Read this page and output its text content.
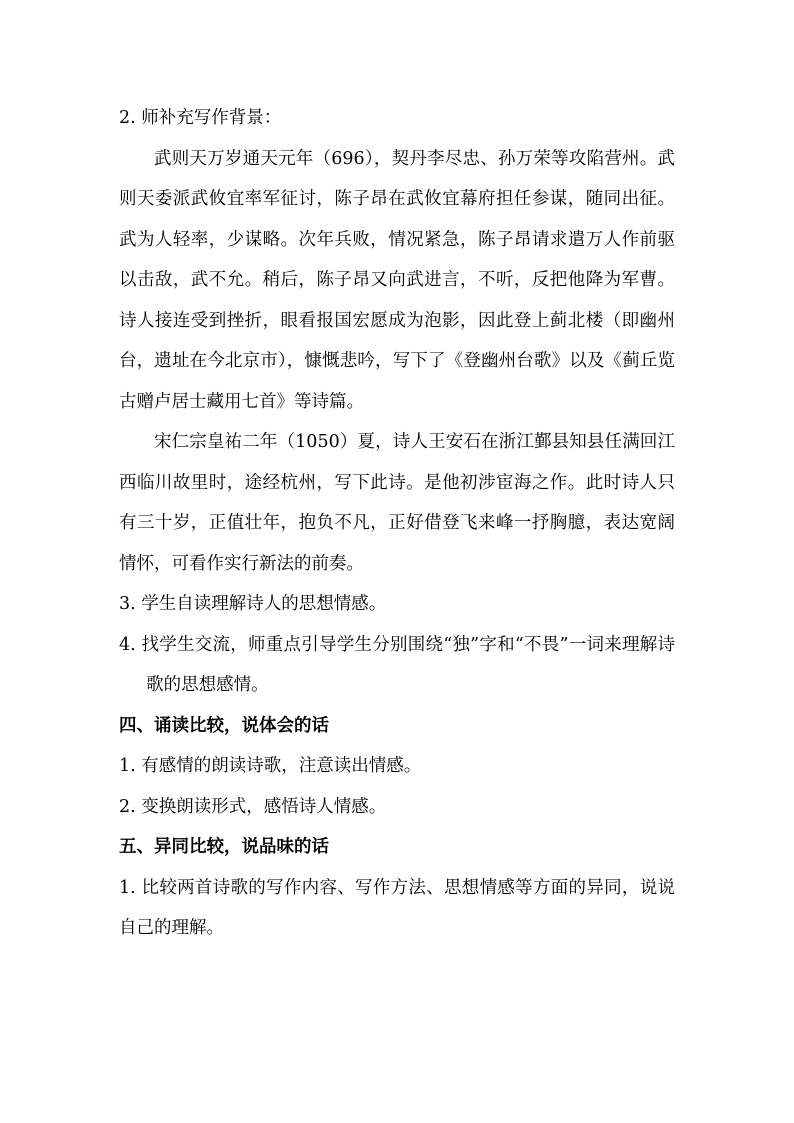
2. 师补充写作背景：

武则天万岁通天元年（696），契丹李尽忠、孙万荣等攻陷营州。武则天委派武攸宜率军征讨，陈子昂在武攸宜幕府担任参谋，随同出征。武为人轻率，少谋略。次年兵败，情况紧急，陈子昂请求遣万人作前驱以击敌，武不允。稍后，陈子昂又向武进言，不听，反把他降为军曹。诗人接连受到挫折，眼看报国宏愿成为泡影，因此登上蓟北楼（即幽州台，遗址在今北京市），慷慨悲吟，写下了《登幽州台歌》以及《蓟丘览古赠卢居士藏用七首》等诗篇。

宋仁宗皇祐二年（1050）夏，诗人王安石在浙江鄞县知县任满回江西临川故里时，途经杭州，写下此诗。是他初涉宦海之作。此时诗人只有三十岁，正值壮年，抱负不凡，正好借登飞来峰一抒胸臆，表达宽阔情怀，可看作实行新法的前奏。

3. 学生自读理解诗人的思想情感。

4. 找学生交流，师重点引导学生分别围绕“独”字和“不畏”一词来理解诗歌的思想感情。

四、诵读比较，说体会的话

1. 有感情的朗读诗歌，注意读出情感。

2. 变换朗读形式，感悟诗人情感。

五、异同比较，说品味的话

1. 比较两首诗歌的写作内容、写作方法、思想情感等方面的异同，说说自己的理解。
